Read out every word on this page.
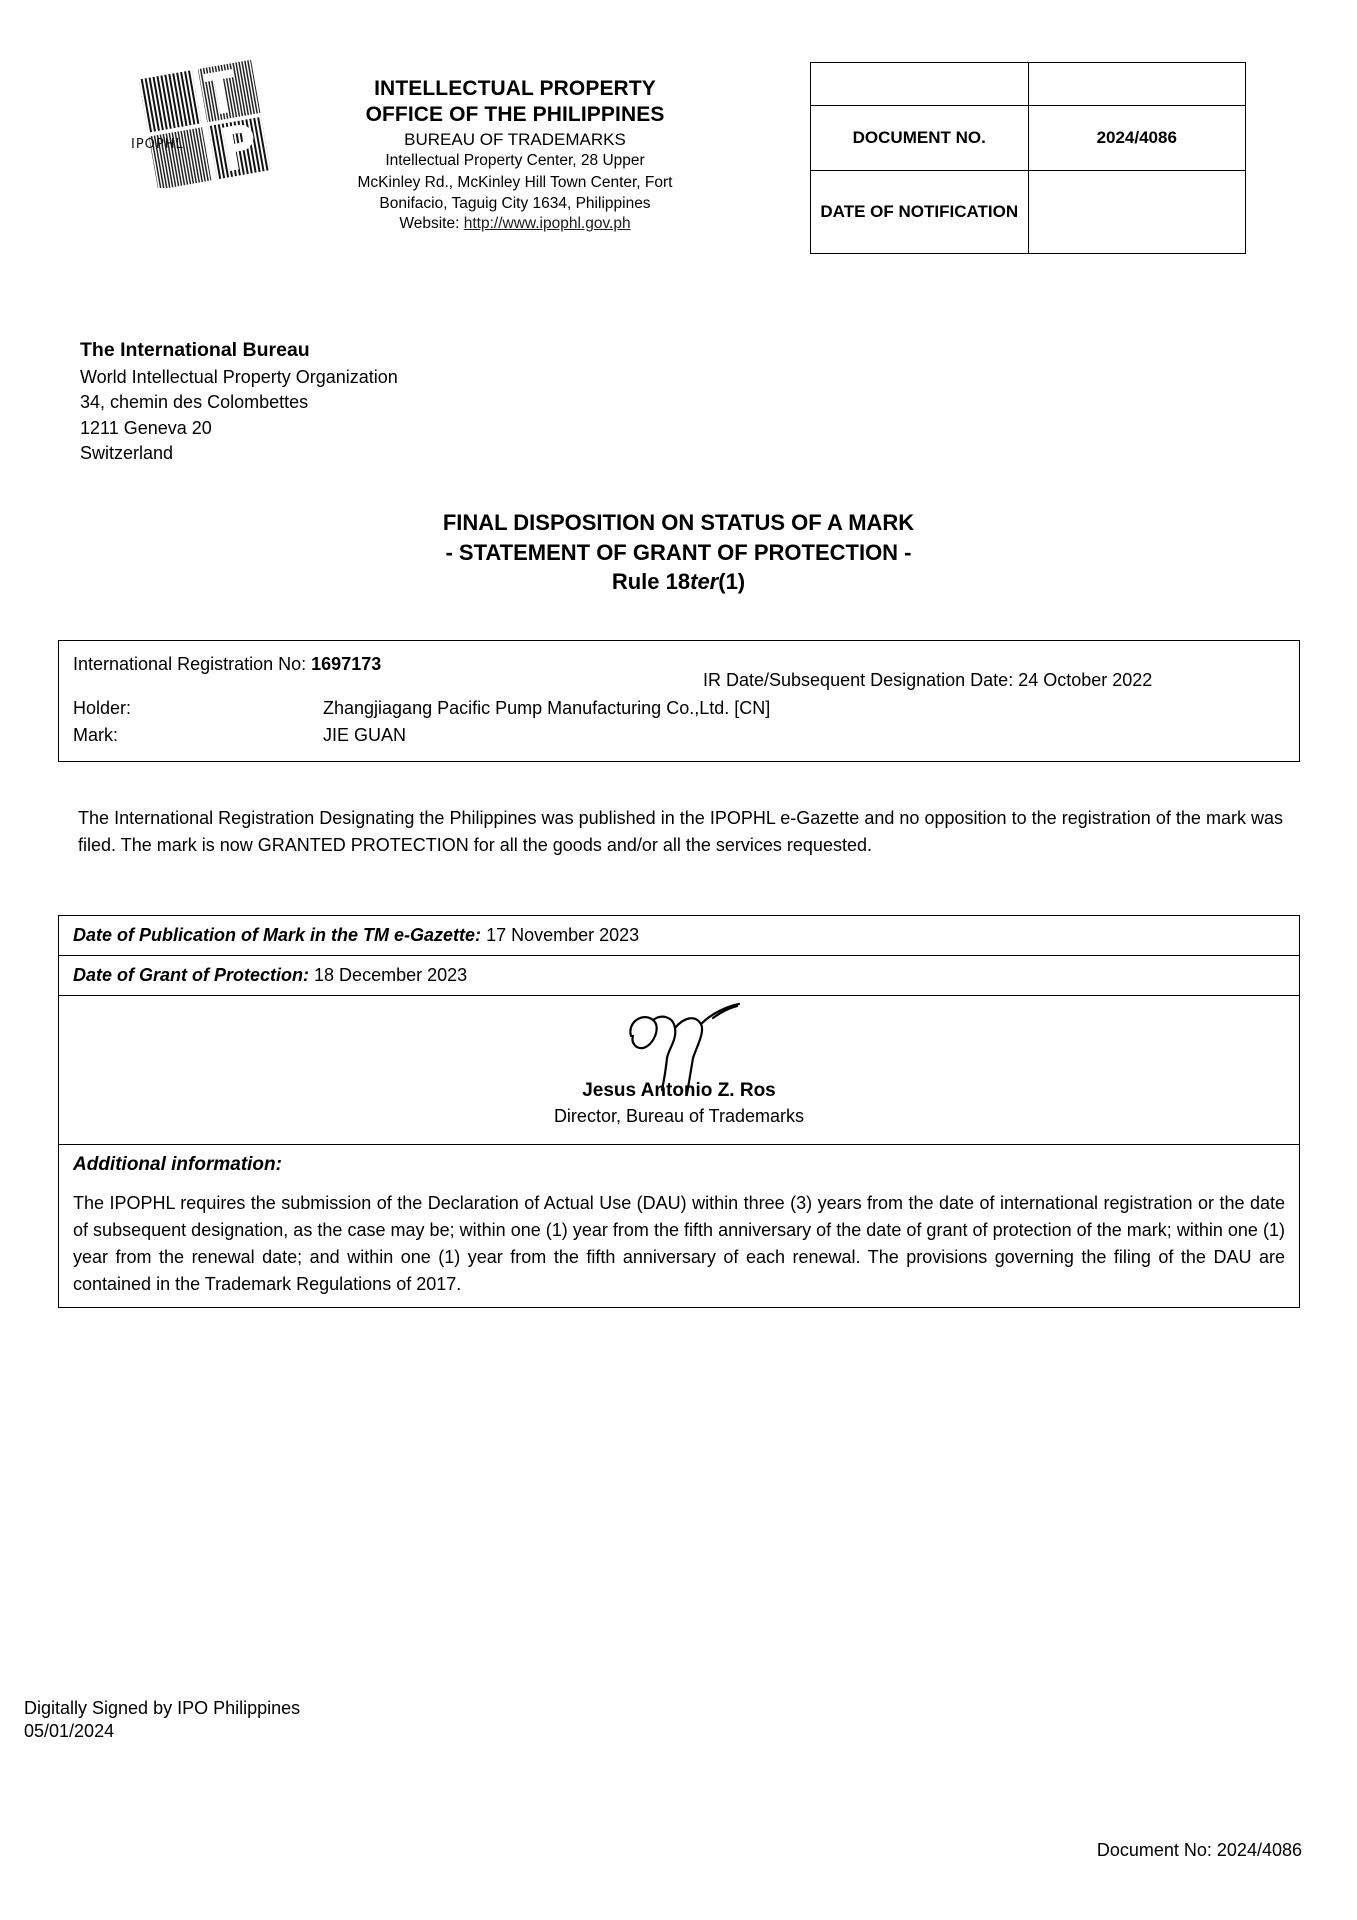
IPOPHL
INTELLECTUAL PROPERTY
OFFICE OF THE PHILIPPINES
BUREAU OF TRADEMARKS
Intellectual Property Center, 28 Upper
McKinley Rd., McKinley Hill Town Center, Fort
Bonifacio, Taguig City 1634, Philippines
Website: http://www.ipophl.gov.ph

DOCUMENT NO.	2024/4086
DATE OF NOTIFICATION	
The International Bureau
World Intellectual Property Organization
34, chemin des Colombettes
1211 Geneva 20
Switzerland
FINAL DISPOSITION ON STATUS OF A MARK
- STATEMENT OF GRANT OF PROTECTION -
Rule 18ter(1)
International Registration No: 1697173
IR Date/Subsequent Designation Date: 24 October 2022
Holder:	Zhangjiagang Pacific Pump Manufacturing Co.,Ltd. [CN]
Mark:	JIE GUAN
The International Registration Designating the Philippines was published in the IPOPHL e-Gazette and no opposition to the registration of the mark was filed. The mark is now GRANTED PROTECTION for all the goods and/or all the services requested.
Date of Publication of Mark in the TM e-Gazette: 17 November 2023
Date of Grant of Protection: 18 December 2023

Jesus Antonio Z. Ros
Director, Bureau of Trademarks

Additional information:
The IPOPHL requires the submission of the Declaration of Actual Use (DAU) within three (3) years from the date of international registration or the date of subsequent designation, as the case may be; within one (1) year from the fifth anniversary of the date of grant of protection of the mark; within one (1) year from the renewal date; and within one (1) year from the fifth anniversary of each renewal. The provisions governing the filing of the DAU are contained in the Trademark Regulations of 2017.
Digitally Signed by IPO Philippines
05/01/2024
Document No: 2024/4086
